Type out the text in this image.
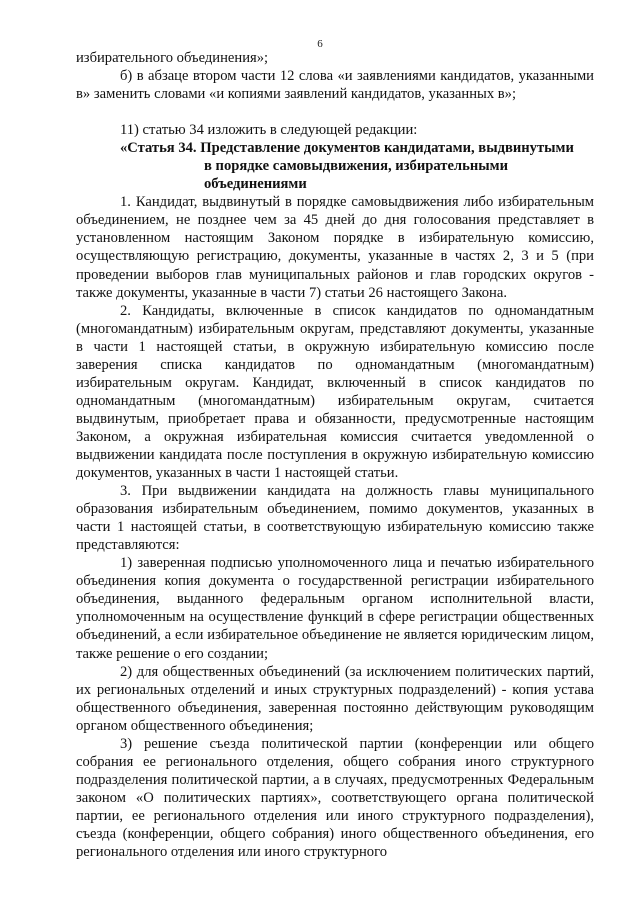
6

избирательного объединения»;

б) в абзаце втором части 12 слова «и заявлениями кандидатов, указанными в» заменить словами «и копиями заявлений кандидатов, указанных в»;

11) статью 34 изложить в следующей редакции:

«Статья 34. Представление документов кандидатами, выдвинутыми
в порядке самовыдвижения, избирательными
объединениями

1. Кандидат, выдвинутый в порядке самовыдвижения либо избирательным объединением, не позднее чем за 45 дней до дня голосования представляет в установленном настоящим Законом порядке в избирательную комиссию, осуществляющую регистрацию, документы, указанные в частях 2, 3 и 5 (при проведении выборов глав муниципальных районов и глав городских округов - также документы, указанные в части 7) статьи 26 настоящего Закона.

2. Кандидаты, включенные в список кандидатов по одномандатным (многомандатным) избирательным округам, представляют документы, указанные в части 1 настоящей статьи, в окружную избирательную комиссию после заверения списка кандидатов по одномандатным (многомандатным) избирательным округам. Кандидат, включенный в список кандидатов по одномандатным (многомандатным) избирательным округам, считается выдвинутым, приобретает права и обязанности, предусмотренные настоящим Законом, а окружная избирательная комиссия считается уведомленной о выдвижении кандидата после поступления в окружную избирательную комиссию документов, указанных в части 1 настоящей статьи.

3. При выдвижении кандидата на должность главы муниципального образования избирательным объединением, помимо документов, указанных в части 1 настоящей статьи, в соответствующую избирательную комиссию также представляются:

1) заверенная подписью уполномоченного лица и печатью избирательного объединения копия документа о государственной регистрации избирательного объединения, выданного федеральным органом исполнительной власти, уполномоченным на осуществление функций в сфере регистрации общественных объединений, а если избирательное объединение не является юридическим лицом, также решение о его создании;

2) для общественных объединений (за исключением политических партий, их региональных отделений и иных структурных подразделений) - копия устава общественного объединения, заверенная постоянно действующим руководящим органом общественного объединения;

3) решение съезда политической партии (конференции или общего собрания ее регионального отделения, общего собрания иного структурного подразделения политической партии, а в случаях, предусмотренных Федеральным законом «О политических партиях», соответствующего органа политической партии, ее регионального отделения или иного структурного подразделения), съезда (конференции, общего собрания) иного общественного объединения, его регионального отделения или иного структурного
